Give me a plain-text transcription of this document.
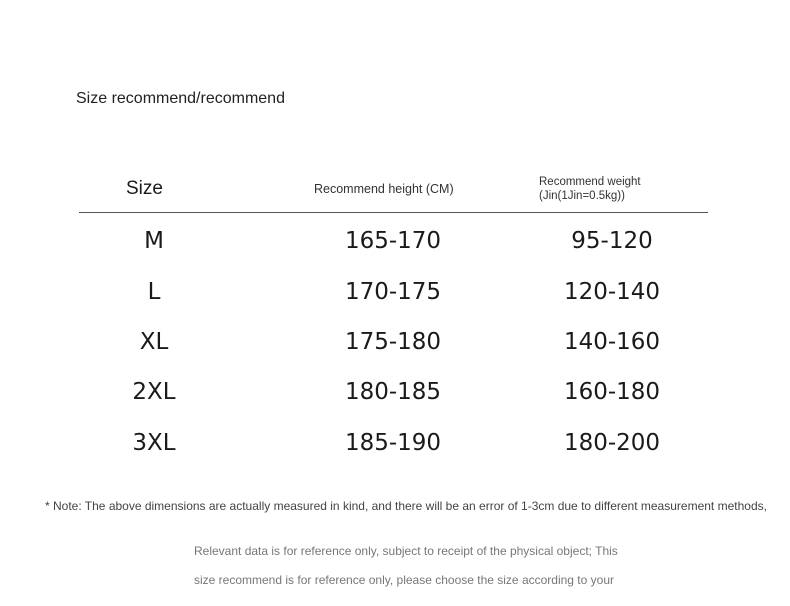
Size recommend/recommend
Size	Recommend height (CM)	Recommend weight
(Jin(1Jin=0.5kg))
M	165-170	95-120
L	170-175	120-140
XL	175-180	140-160
2XL	180-185	160-180
3XL	185-190	180-200
* Note: The above dimensions are actually measured in kind, and there will be an error of 1-3cm due to different measurement methods,
Relevant data is for reference only, subject to receipt of the physical object; This
size recommend is for reference only, please choose the size according to your
